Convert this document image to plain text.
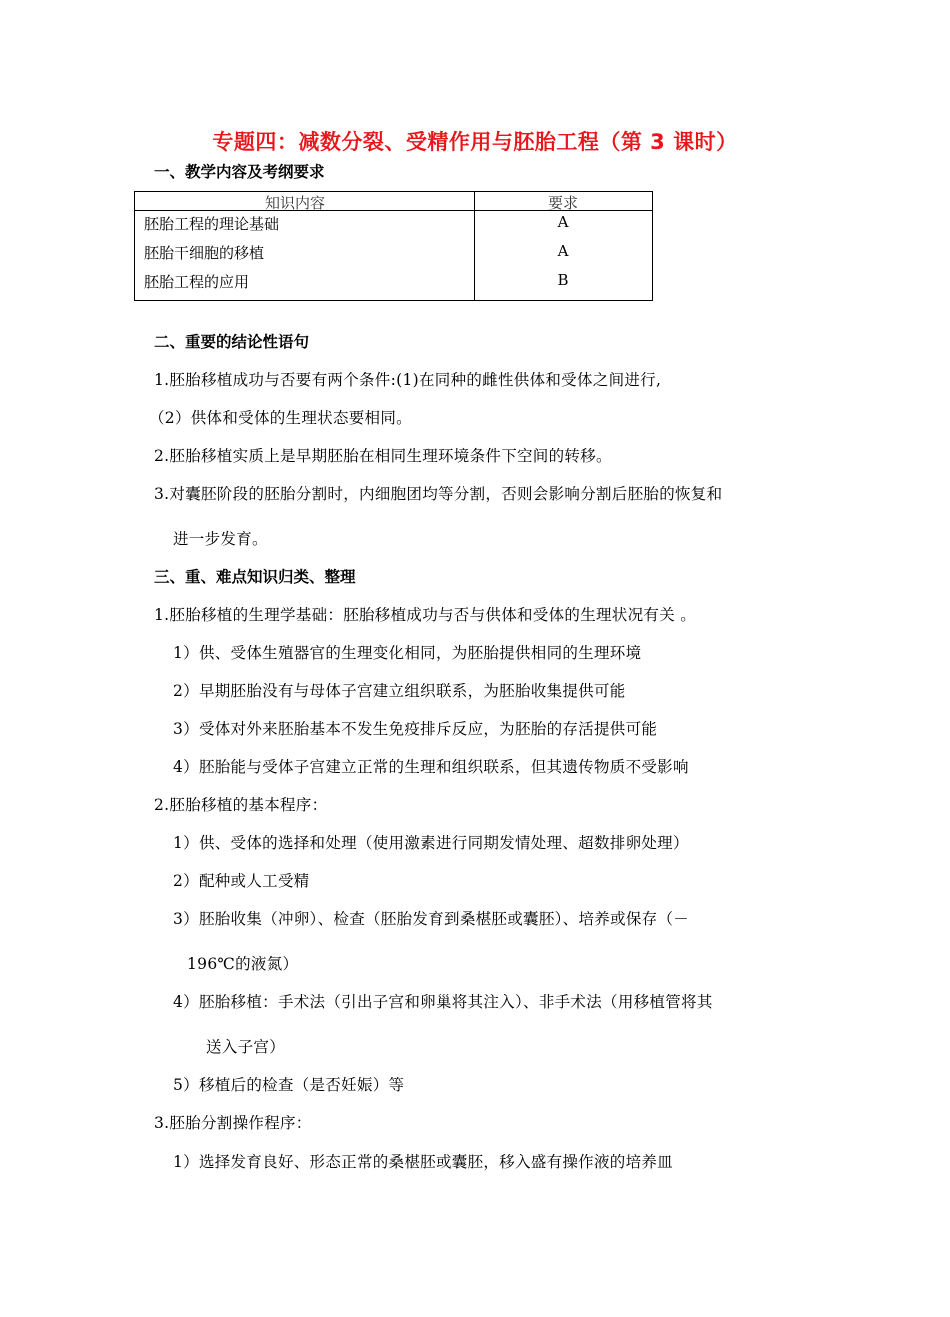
专题四：减数分裂、受精作用与胚胎工程（第 3 课时）
一、教学内容及考纲要求
知识内容	要求
胚胎工程的理论基础	A
胚胎干细胞的移植	A
胚胎工程的应用	B
二、重要的结论性语句
1.胚胎移植成功与否要有两个条件:(1)在同种的雌性供体和受体之间进行,
（2）供体和受体的生理状态要相同。
2.胚胎移植实质上是早期胚胎在相同生理环境条件下空间的转移。
3.对囊胚阶段的胚胎分割时，内细胞团均等分割，否则会影响分割后胚胎的恢复和
进一步发育。
三、重、难点知识归类、整理
1.胚胎移植的生理学基础：胚胎移植成功与否与供体和受体的生理状况有关 。
1）供、受体生殖器官的生理变化相同，为胚胎提供相同的生理环境
2）早期胚胎没有与母体子宫建立组织联系，为胚胎收集提供可能
3）受体对外来胚胎基本不发生免疫排斥反应，为胚胎的存活提供可能
4）胚胎能与受体子宫建立正常的生理和组织联系，但其遗传物质不受影响
2.胚胎移植的基本程序：
1）供、受体的选择和处理（使用激素进行同期发情处理、超数排卵处理）
2）配种或人工受精
3）胚胎收集（冲卵）、检查（胚胎发育到桑椹胚或囊胚）、培养或保存（－
196℃的液氮）
4）胚胎移植：手术法（引出子宫和卵巢将其注入）、非手术法（用移植管将其
送入子宫）
5）移植后的检查（是否妊娠）等
3.胚胎分割操作程序：
1）选择发育良好、形态正常的桑椹胚或囊胚，移入盛有操作液的培养皿
